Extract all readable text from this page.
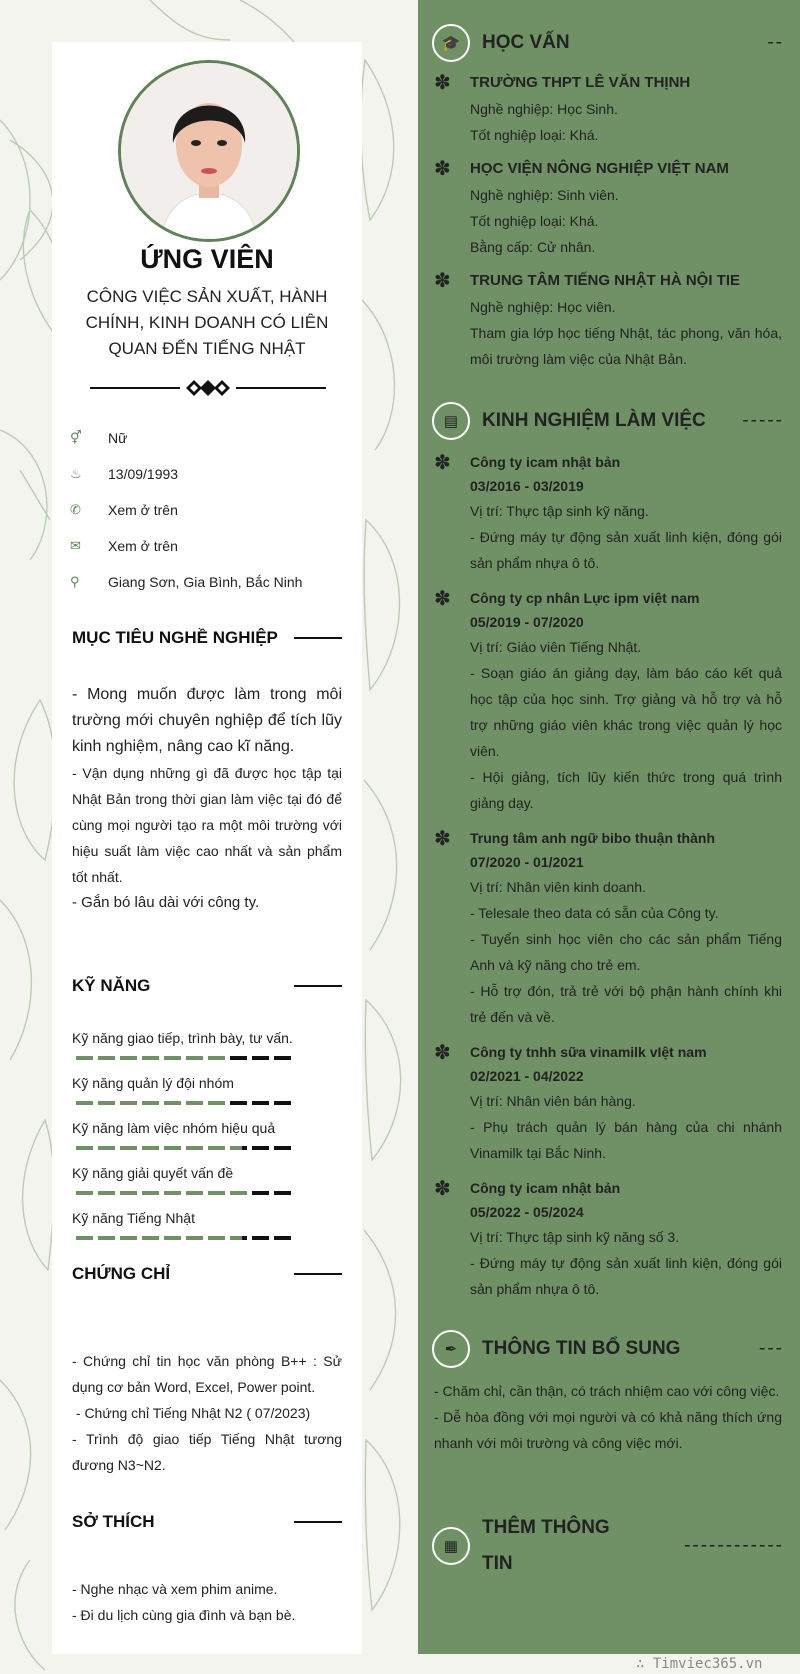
ỨNG VIÊN
CÔNG VIỆC SẢN XUẤT, HÀNH
CHÍNH, KINH DOANH CÓ LIÊN
QUAN ĐẾN TIẾNG NHẬT
⚥	Nữ
♨	13/09/1993
✆	Xem ở trên
✉	Xem ở trên
⚲	Giang Sơn, Gia Bình, Bắc Ninh
MỤC TIÊU NGHỀ NGHIỆP
- Mong muốn được làm trong môi trường mới chuyên nghiệp để tích lũy kinh nghiệm, nâng cao kĩ năng.
- Vận dụng những gì đã được học tập tại Nhật Bản trong thời gian làm việc tại đó để cùng mọi người tạo ra một môi trường với hiệu suất làm việc cao nhất và sản phẩm tốt nhất.
- Gắn bó lâu dài với công ty.
KỸ NĂNG
Kỹ năng giao tiếp, trình bày, tư vấn.
Kỹ năng quản lý đội nhóm
Kỹ năng làm việc nhóm hiệu quả
Kỹ năng giải quyết vấn đề
Kỹ năng Tiếng Nhật
CHỨNG CHỈ
- Chứng chỉ tin học văn phòng B++ : Sử dụng cơ bản Word, Excel, Power point.
- Chứng chỉ Tiếng Nhật N2 ( 07/2023)
- Trình độ giao tiếp Tiếng Nhật tương đương N3~N2.
SỞ THÍCH
- Nghe nhạc và xem phim anime.
- Đi du lịch cùng gia đình và bạn bè.
🎓	HỌC VẤN	--
✽ TRƯỜNG THPT LÊ VĂN THỊNH
Nghề nghiệp: Học Sinh.
Tốt nghiệp loại: Khá.
✽ HỌC VIỆN NÔNG NGHIỆP VIỆT NAM
Nghề nghiệp: Sinh viên.
Tốt nghiệp loại: Khá.
Bằng cấp: Cử nhân.
✽ TRUNG TÂM TIẾNG NHẬT HÀ NỘI TIE
Nghề nghiệp: Học viên.
Tham gia lớp học tiếng Nhật, tác phong, văn hóa, môi trường làm việc của Nhật Bản.
▤	KINH NGHIỆM LÀM VIỆC -----
✽ Công ty icam nhật bản
03/2016 - 03/2019
Vị trí: Thực tập sinh kỹ năng.
- Đứng máy tự động sản xuất linh kiện, đóng gói sản phẩm nhựa ô tô.
✽ Công ty cp nhân Lực ipm việt nam
05/2019 - 07/2020
Vị trí: Giáo viên Tiếng Nhật.
- Soạn giáo án giảng dạy, làm báo cáo kết quả học tập của học sinh. Trợ giảng và hỗ trợ và hỗ trợ những giáo viên khác trong việc quản lý học viên.
- Hội giảng, tích lũy kiến thức trong quá trình giảng dạy.
✽ Trung tâm anh ngữ bibo thuận thành
07/2020 - 01/2021
Vị trí: Nhân viên kinh doanh.
- Telesale theo data có sẵn của Công ty.
- Tuyển sinh học viên cho các sản phẩm Tiếng Anh và kỹ năng cho trẻ em.
- Hỗ trợ đón, trả trẻ với bộ phận hành chính khi trẻ đến và về.
✽ Công ty tnhh sữa vinamilk vIệt nam
02/2021 - 04/2022
Vị trí: Nhân viên bán hàng.
- Phụ trách quản lý bán hàng của chi nhánh Vinamilk tại Bắc Ninh.
✽ Công ty icam nhật bản
05/2022 - 05/2024
Vị trí: Thực tập sinh kỹ năng số 3.
- Đứng máy tự động sản xuất linh kiện, đóng gói sản phẩm nhựa ô tô.
✒	THÔNG TIN BỔ SUNG	---
- Chăm chỉ, cần thận, có trách nhiệm cao với công việc.
- Dễ hòa đồng với mọi người và có khả năng thích ứng nhanh với môi trường và công việc mới.
▦
THÊM THÔNG
TIN
------------
∴ Timviec365.vn
